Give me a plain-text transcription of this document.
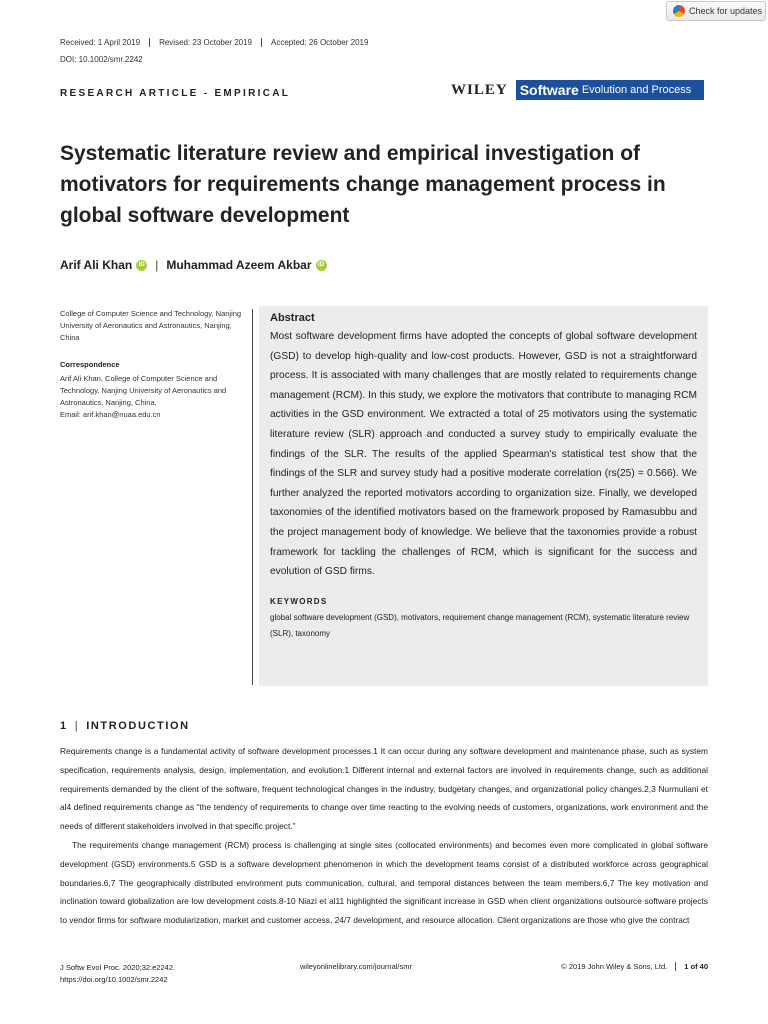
Check for updates
Received: 1 April 2019	Revised: 23 October 2019	Accepted: 26 October 2019
DOI: 10.1002/smr.2242
RESEARCH ARTICLE - EMPIRICAL	WILEY Software Evolution and Process
Systematic literature review and empirical investigation of motivators for requirements change management process in global software development
Arif Ali Khan	iD | Muhammad Azeem Akbar	iD
College of Computer Science and Technology, Nanjing University of Aeronautics and Astronautics, Nanjing, China
Correspondence
Arif Ali Khan, College of Computer Science and Technology, Nanjing University of Aeronautics and Astronautics, Nanjing, China.
Email: arif.khan@nuaa.edu.cn
Abstract
Most software development firms have adopted the concepts of global software development (GSD) to develop high-quality and low-cost products. However, GSD is not a straightforward process. It is associated with many challenges that are mostly related to requirements change management (RCM). In this study, we explore the motivators that contribute to managing RCM activities in the GSD environment. We extracted a total of 25 motivators using the systematic literature review (SLR) approach and conducted a survey study to empirically evaluate the findings of the SLR. The results of the applied Spearman's statistical test show that the findings of the SLR and survey study had a positive moderate correlation (rs(25) = 0.566). We further analyzed the reported motivators according to organization size. Finally, we developed taxonomies of the identified motivators based on the framework proposed by Ramasubbu and the project management body of knowledge. We believe that the taxonomies provide a robust framework for tackling the challenges of RCM, which is significant for the success and evolution of GSD firms.
KEYWORDS
global software development (GSD), motivators, requirement change management (RCM), systematic literature review (SLR), taxonomy
1 | INTRODUCTION

Requirements change is a fundamental activity of software development processes.1 It can occur during any software development and maintenance phase, such as system specification, requirements analysis, design, implementation, and evolution.1 Different internal and external factors are involved in requirements change, such as additional requirements demanded by the client of the software, frequent technological changes in the industry, budgetary changes, and organizational policy changes.2,3 Nurmuliani et al4 defined requirements change as “the tendency of requirements to change over time reacting to the evolving needs of customers, organizations, work environment and the needs of different stakeholders involved in that specific project.”

The requirements change management (RCM) process is challenging at single sites (collocated environments) and becomes even more complicated in global software development (GSD) environments.5 GSD is a software development phenomenon in which the development teams consist of a distributed workforce across geographical boundaries.6,7 The geographically distributed environment puts communication, cultural, and temporal distances between the team members.6,7 The key motivation and inclination toward globalization are low development costs.8-10 Niazi et al11 highlighted the significant increase in GSD when client organizations outsource software projects to vendor firms for software modularization, market and customer access, 24/7 development, and resource allocation. Client organizations are those who give the contract

J Softw Evol Proc. 2020;32:e2242.
https://doi.org/10.1002/smr.2242
wileyonlinelibrary.com/journal/smr	© 2019 John Wiley & Sons, Ltd.	1 of 40
